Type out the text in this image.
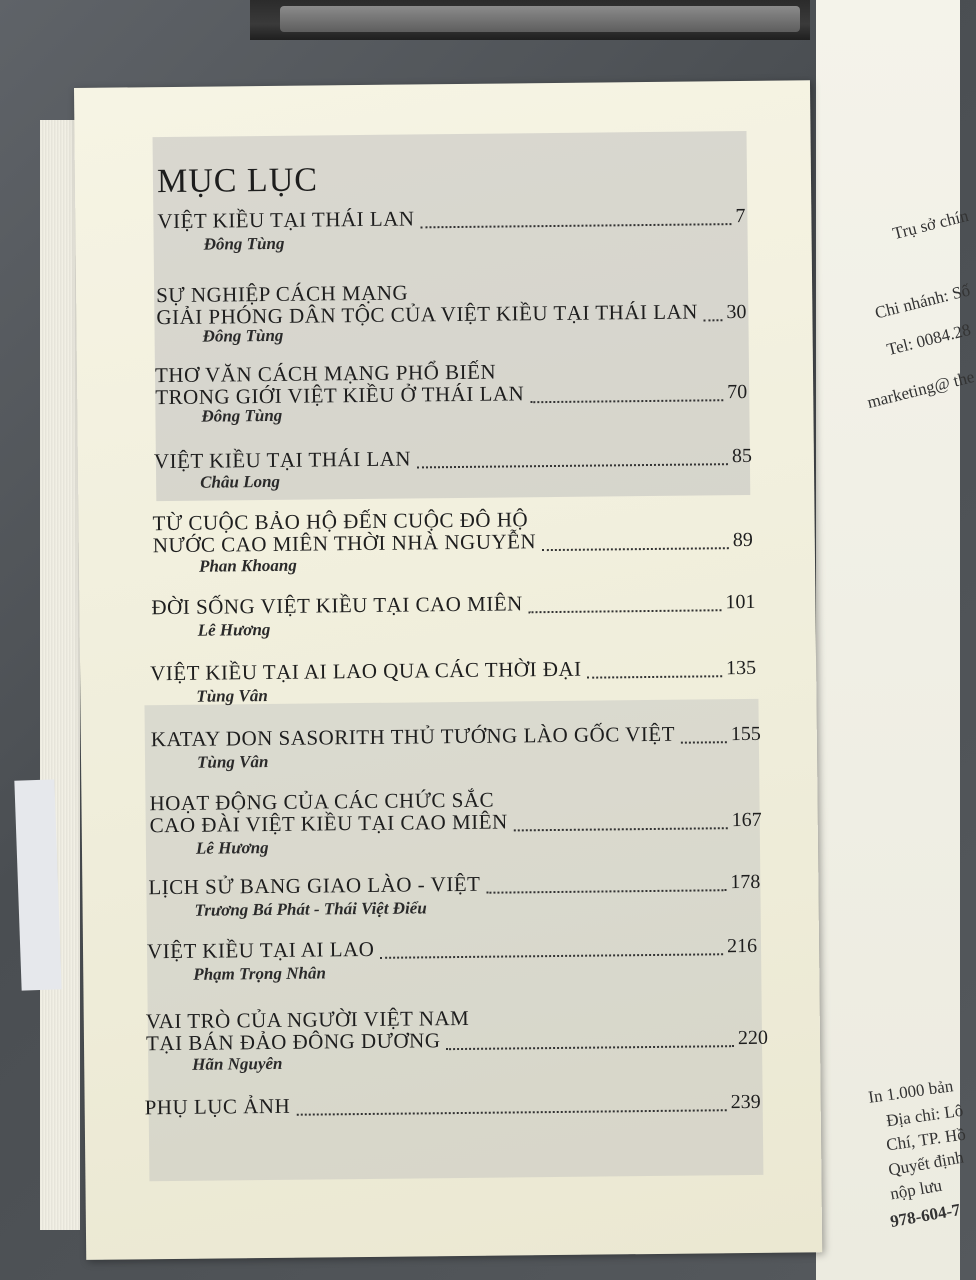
Trụ sở chín
Chi nhánh: Số
Tel: 0084.28
marketing@ the
In 1.000 bản
Địa chỉ: Lô
Chí, TP. Hồ
Quyết định
nộp lưu
978-604-7
MỤC LỤC
VIỆT KIỀU TẠI THÁI LAN	7
Đông Tùng
SỰ NGHIỆP CÁCH MẠNG
GIẢI PHÓNG DÂN TỘC CỦA VIỆT KIỀU TẠI THÁI LAN 30
Đông Tùng
THƠ VĂN CÁCH MẠNG PHỔ BIẾN
TRONG GIỚI VIỆT KIỀU Ở THÁI LAN	70
Đông Tùng
VIỆT KIỀU TẠI THÁI LAN	85
Châu Long
TỪ CUỘC BẢO HỘ ĐẾN CUỘC ĐÔ HỘ
NƯỚC CAO MIÊN THỜI NHÀ NGUYỄN	89
Phan Khoang
ĐỜI SỐNG VIỆT KIỀU TẠI CAO MIÊN	101
Lê Hương
VIỆT KIỀU TẠI AI LAO QUA CÁC THỜI ĐẠI	135
Tùng Vân
KATAY DON SASORITH THỦ TƯỚNG LÀO GỐC VIỆT	155
Tùng Vân
HOẠT ĐỘNG CỦA CÁC CHỨC SẮC
CAO ĐÀI VIỆT KIỀU TẠI CAO MIÊN	167
Lê Hương
LỊCH SỬ BANG GIAO LÀO - VIỆT	178
Trương Bá Phát - Thái Việt Điểu
VIỆT KIỀU TẠI AI LAO	216
Phạm Trọng Nhân
VAI TRÒ CỦA NGƯỜI VIỆT NAM
TẠI BÁN ĐẢO ĐÔNG DƯƠNG	220
Hãn Nguyên
PHỤ LỤC ẢNH	239
